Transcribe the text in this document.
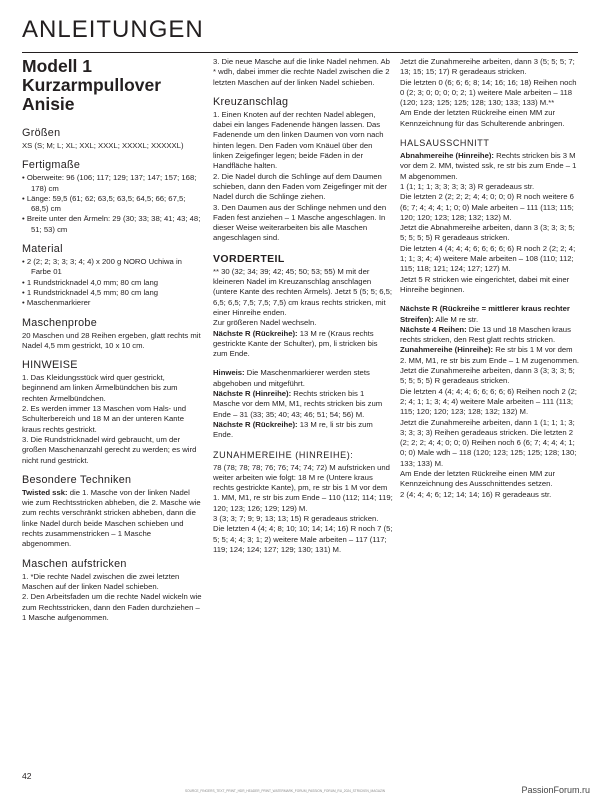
ANLEITUNGEN
Modell 1
Kurzarmpullover Anisie
Größen

XS (S; M; L; XL; XXL; XXXL; XXXXL; XXXXXL)

Fertigmaße

• Oberweite: 96 (106; 117; 129; 137; 147; 157; 168; 178) cm

• Länge: 59,5 (61; 62; 63,5; 63,5; 64,5; 66; 67,5; 68,5) cm

• Breite unter den Ärmeln: 29 (30; 33; 38; 41; 43; 48; 51; 53) cm

Material

• 2 (2; 2; 3; 3; 3; 4; 4) x 200 g NORO Uchiwa in Farbe 01

• 1 Rundstricknadel 4,0 mm; 80 cm lang

• 1 Rundstricknadel 4,5 mm; 80 cm lang

• Maschenmarkierer

Maschenprobe

20 Maschen und 28 Reihen ergeben, glatt rechts mit Nadel 4,5 mm gestrickt, 10 x 10 cm.

HINWEISE

1. Das Kleidungsstück wird quer gestrickt, beginnend am linken Ärmelbündchen bis zum rechten Ärmelbündchen.

2. Es werden immer 13 Maschen vom Hals- und Schulterbereich und 18 M an der unteren Kante kraus rechts gestrickt.

3. Die Rundstricknadel wird gebraucht, um der großen Maschenanzahl gerecht zu werden; es wird nicht rund gestrickt.

Besondere Techniken

Twisted ssk: die 1. Masche von der linken Nadel wie zum Rechtsstricken abheben, die 2. Masche wie zum rechts verschränkt stricken abheben, dann die linke Nadel durch beide Maschen schieben und rechts zusammenstricken – 1 Masche abgenommen.

Maschen aufstricken

1. *Die rechte Nadel zwischen die zwei letzten Maschen auf der linken Nadel schieben.

2. Den Arbeitsfaden um die rechte Nadel wickeln wie zum Rechtsstricken, dann den Faden durchziehen – 1 Masche aufgenommen.

3. Die neue Masche auf die linke Nadel nehmen. Ab * wdh, dabei immer die rechte Nadel zwischen die 2 letzten Maschen auf der linken Nadel schieben.

Kreuzanschlag

1. Einen Knoten auf der rechten Nadel ablegen, dabei ein langes Fadenende hängen lassen. Das Fadenende um den linken Daumen von vorn nach hinten legen. Den Faden vom Knäuel über den linken Zeigefinger legen; beide Fäden in der Handfläche halten.

2. Die Nadel durch die Schlinge auf dem Daumen schieben, dann den Faden vom Zeigefinger mit der Nadel durch die Schlinge ziehen.

3. Den Daumen aus der Schlinge nehmen und den Faden fest anziehen – 1 Masche angeschlagen. In dieser Weise weiterarbeiten bis alle Maschen angeschlagen sind.

VORDERTEIL

** 30 (32; 34; 39; 42; 45; 50; 53; 55) M mit der kleineren Nadel im Kreuzanschlag anschlagen (untere Kante des rechten Ärmels). Jetzt 5 (5; 5; 6,5; 6,5; 6,5; 7,5; 7,5; 7,5) cm kraus rechts stricken, mit einer Hinreihe enden.

Zur größeren Nadel wechseln.

Nächste R (Rückreihe): 13 M re (Kraus rechts gestrickte Kante der Schulter), pm, li stricken bis zum Ende.

Hinweis: Die Maschenmarkierer werden stets abgehoben und mitgeführt.

Nächste R (Hinreihe): Rechts stricken bis 1 Masche vor dem MM, M1, rechts stricken bis zum Ende – 31 (33; 35; 40; 43; 46; 51; 54; 56) M.

Nächste R (Rückreihe): 13 M re, li str bis zum Ende.

ZUNAHMEREIHE (HINREIHE):

78 (78; 78; 78; 76; 76; 74; 74; 72) M aufstricken und weiter arbeiten wie folgt: 18 M re (Untere kraus rechts gestrickte Kante), pm, re str bis 1 M vor dem 1. MM, M1, re str bis zum Ende – 110 (112; 114; 119; 120; 123; 126; 129; 129) M.

3 (3; 3; 7; 9; 9; 13; 13; 15) R geradeaus stricken.

Die letzten 4 (4; 4; 8; 10; 10; 14; 14; 16) R noch 7 (5; 5; 5; 4; 4; 3; 1; 2) weitere Male arbeiten – 117 (117; 119; 124; 124; 127; 129; 130; 131) M.

Jetzt die Zunahmereihe arbeiten, dann 3 (5; 5; 5; 7; 13; 15; 15; 17) R geradeaus stricken.

Die letzten 0 (6; 6; 6; 8; 14; 16; 16; 18) Reihen noch 0 (2; 3; 0; 0; 0; 0; 2; 1) weitere Male arbeiten – 118 (120; 123; 125; 125; 128; 130; 133; 133) M.**

Am Ende der letzten Rückreihe einen MM zur Kennzeichnung für das Schulterende anbringen.

HALSAUSSCHNITT

Abnahmereihe (Hinreihe): Rechts stricken bis 3 M vor dem 2. MM, twisted ssk, re str bis zum Ende – 1 M abgenommen.

1 (1; 1; 1; 3; 3; 3; 3; 3) R geradeaus str.

Die letzten 2 (2; 2; 2; 4; 4; 0; 0; 0) R noch weitere 6 (6; 7; 4; 4; 4; 1; 0; 0) Male arbeiten – 111 (113; 115; 120; 120; 123; 128; 132; 132) M.

Jetzt die Abnahmereihe arbeiten, dann 3 (3; 3; 3; 5; 5; 5; 5; 5) R geradeaus stricken.

Die letzten 4 (4; 4; 4; 6; 6; 6; 6; 6) R noch 2 (2; 2; 4; 1; 1; 3; 4; 4) weitere Male arbeiten – 108 (110; 112; 115; 118; 121; 124; 127; 127) M.

Jetzt 5 R stricken wie eingerichtet, dabei mit einer Hinreihe beginnen.

Nächste R (Rückreihe = mittlerer kraus rechter Streifen): Alle M re str.

Nächste 4 Reihen: Die 13 und 18 Maschen kraus rechts stricken, den Rest glatt rechts stricken.

Zunahmereihe (Hinreihe): Re str bis 1 M vor dem 2. MM, M1, re str bis zum Ende – 1 M zugenommen.

Jetzt die Zunahmereihe arbeiten, dann 3 (3; 3; 3; 5; 5; 5; 5; 5) R geradeaus stricken.

Die letzten 4 (4; 4; 4; 6; 6; 6; 6; 6) Reihen noch 2 (2; 2; 4; 1; 1; 3; 4; 4) weitere Male arbeiten – 111 (113; 115; 120; 120; 123; 128; 132; 132) M.

Jetzt die Zunahmereihe arbeiten, dann 1 (1; 1; 1; 3; 3; 3; 3; 3) Reihen geradeaus stricken. Die letzten 2 (2; 2; 2; 4; 4; 0; 0; 0) Reihen noch 6 (6; 7; 4; 4; 4; 1; 0; 0) Male wdh – 118 (120; 123; 125; 125; 128; 130; 133; 133) M.

Am Ende der letzten Rückreihe einen MM zur Kennzeichnung des Ausschnittendes setzen.

2 (4; 4; 4; 6; 12; 14; 14; 16) R geradeaus str.

42
SOURCE_FINGERS_TEXT_PRINT_HDR_HEADER_PRINT_WATERMARK_FORUM_PASSION_FORUM_RU_2024_STRICKEN_MAGAZIN	PassionForum.ru
